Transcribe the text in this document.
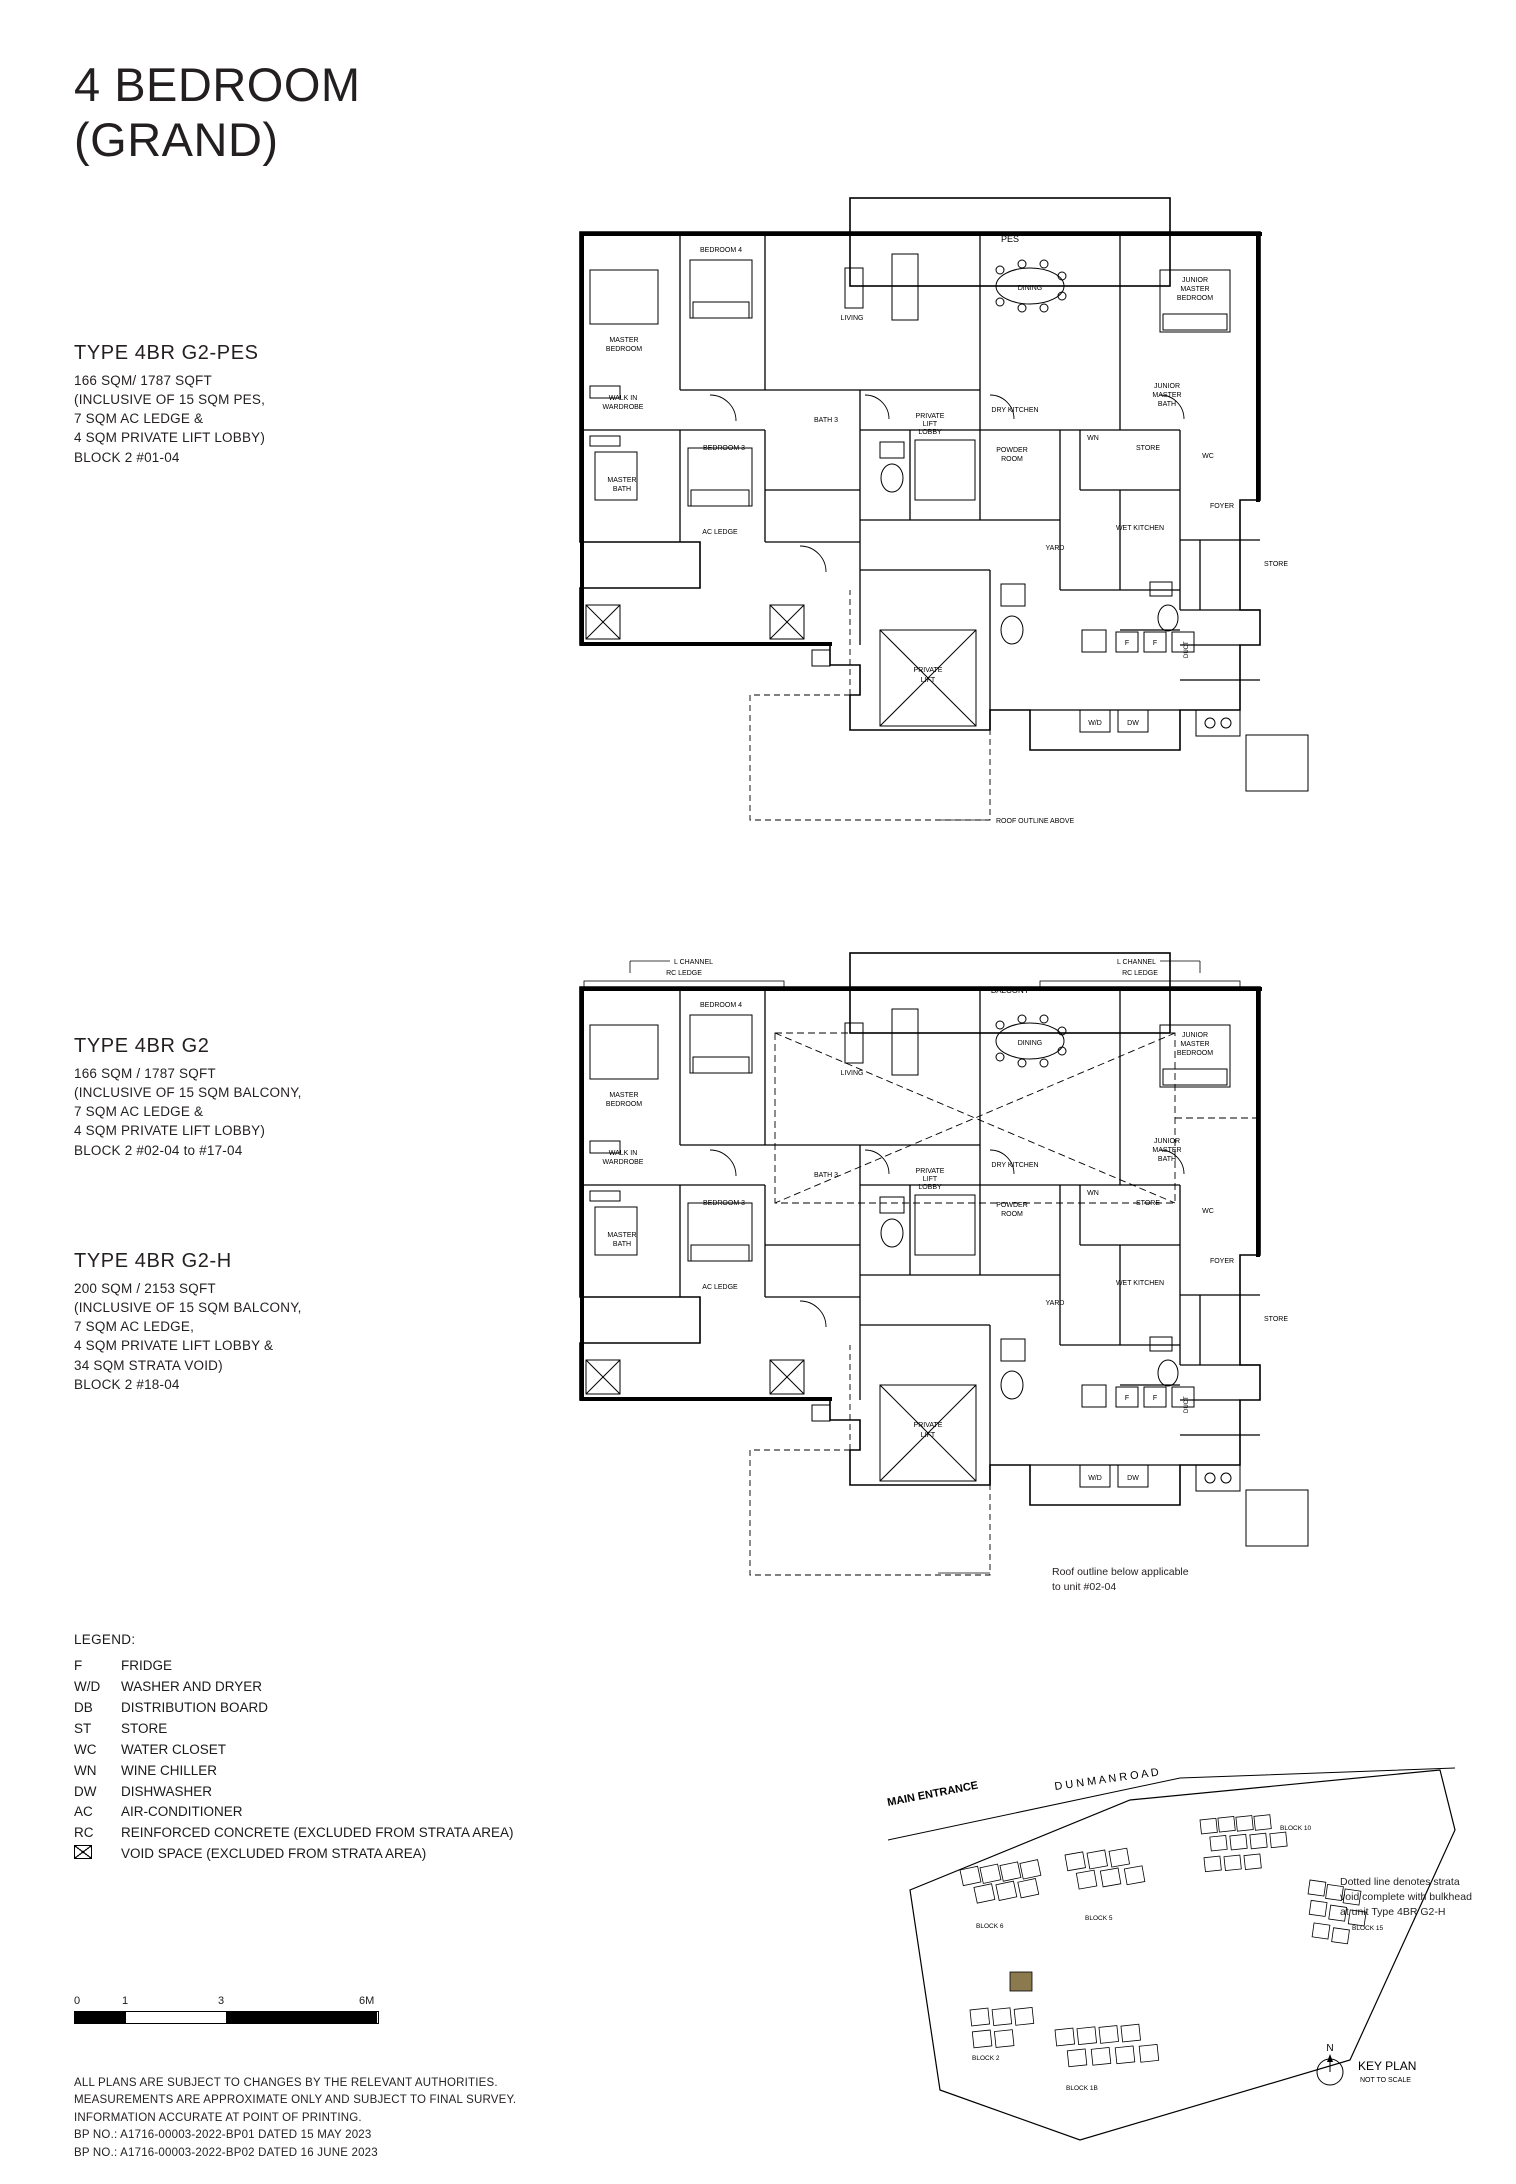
4 BEDROOM
(GRAND)
TYPE 4BR G2-PES
166 SQM/ 1787 SQFT
(INCLUSIVE OF 15 SQM PES,
7 SQM AC LEDGE &
4 SQM PRIVATE LIFT LOBBY)
BLOCK 2 #01-04
TYPE 4BR G2
166 SQM / 1787 SQFT
(INCLUSIVE OF 15 SQM BALCONY,
7 SQM AC LEDGE &
4 SQM PRIVATE LIFT LOBBY)
BLOCK 2 #02-04 to #17-04
TYPE 4BR G2-H
200 SQM / 2153 SQFT
(INCLUSIVE OF 15 SQM BALCONY,
7 SQM AC LEDGE,
4 SQM PRIVATE LIFT LOBBY &
34 SQM STRATA VOID)
BLOCK 2 #18-04
PES
MASTER
BEDROOM
BEDROOM 4
LIVING
DINING
JUNIOR
MASTER
BEDROOM
WALK IN
WARDROBE
MASTER
BATH
BEDROOM 3
BATH 3
PRIVATE
LIFT
LOBBY
DRY KITCHEN
JUNIOR
MASTER
BATH
POWDER
ROOM
PRIVATE
LIFT
STORE
WC
WET KITCHEN
FOYER
YARD
STORE
AC LEDGE
WN
F	F
W/D	DW
DUCT
ROOF OUTLINE ABOVE
L CHANNEL	L CHANNEL
RC LEDGE	RC LEDGE
BALCONY
MASTER
BEDROOM
BEDROOM 4
LIVING
DINING
JUNIOR
MASTER
BEDROOM
WALK IN
WARDROBE
MASTER
BATH
BEDROOM 3
BATH 3
PRIVATE
LIFT
LOBBY
DRY KITCHEN
JUNIOR
MASTER
BATH
POWDER
ROOM
PRIVATE
LIFT
STORE
WC
WET KITCHEN
FOYER
YARD
STORE
AC LEDGE
WN
F	F
W/D	DW
DUCT
Dotted line denotes strata
void complete with bulkhead
at unit Type 4BR G2-H
Roof outline below applicable
to unit #02-04
LEGEND:
F	FRIDGE
W/D	WASHER AND DRYER
DB	DISTRIBUTION BOARD
ST	STORE
WC	WATER CLOSET
WN	WINE CHILLER
DW	DISHWASHER
AC	AIR-CONDITIONER
RC	REINFORCED CONCRETE (EXCLUDED FROM STRATA AREA)
VOID SPACE (EXCLUDED FROM STRATA AREA)
0	1	3	6M
ALL PLANS ARE SUBJECT TO CHANGES BY THE RELEVANT AUTHORITIES.
MEASUREMENTS ARE APPROXIMATE ONLY AND SUBJECT TO FINAL SURVEY.
INFORMATION ACCURATE AT POINT OF PRINTING.
BP NO.: A1716-00003-2022-BP01 DATED 15 MAY 2023
BP NO.: A1716-00003-2022-BP02 DATED 16 JUNE 2023
MAIN ENTRANCE	D U N M A N R O A D
BLOCK 6
BLOCK 5
BLOCK 10
BLOCK 15
BLOCK 2
BLOCK 1B
N
KEY PLAN
NOT TO SCALE
